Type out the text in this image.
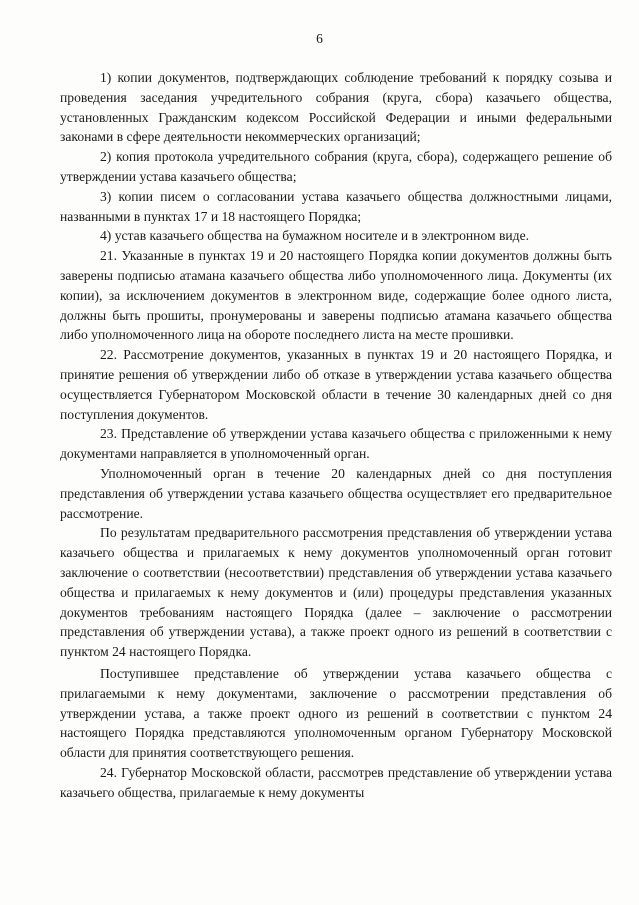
6

1) копии документов, подтверждающих соблюдение требований к порядку созыва и проведения заседания учредительного собрания (круга, сбора) казачьего общества, установленных Гражданским кодексом Российской Федерации и иными федеральными законами в сфере деятельности некоммерческих организаций;

2) копия протокола учредительного собрания (круга, сбора), содержащего решение об утверждении устава казачьего общества;

3) копии писем о согласовании устава казачьего общества должностными лицами, названными в пунктах 17 и 18 настоящего Порядка;

4) устав казачьего общества на бумажном носителе и в электронном виде.

21. Указанные в пунктах 19 и 20 настоящего Порядка копии документов должны быть заверены подписью атамана казачьего общества либо уполномоченного лица. Документы (их копии), за исключением документов в электронном виде, содержащие более одного листа, должны быть прошиты, пронумерованы и заверены подписью атамана казачьего общества либо уполномоченного лица на обороте последнего листа на месте прошивки.

22. Рассмотрение документов, указанных в пунктах 19 и 20 настоящего Порядка, и принятие решения об утверждении либо об отказе в утверждении устава казачьего общества осуществляется Губернатором Московской области в течение 30 календарных дней со дня поступления документов.

23. Представление об утверждении устава казачьего общества с приложенными к нему документами направляется в уполномоченный орган.

Уполномоченный орган в течение 20 календарных дней со дня поступления представления об утверждении устава казачьего общества осуществляет его предварительное рассмотрение.

По результатам предварительного рассмотрения представления об утверждении устава казачьего общества и прилагаемых к нему документов уполномоченный орган готовит заключение о соответствии (несоответствии) представления об утверждении устава казачьего общества и прилагаемых к нему документов и (или) процедуры представления указанных документов требованиям настоящего Порядка (далее – заключение о рассмотрении представления об утверждении устава), а также проект одного из решений в соответствии с пунктом 24 настоящего Порядка.

Поступившее представление об утверждении устава казачьего общества с прилагаемыми к нему документами, заключение о рассмотрении представления об утверждении устава, а также проект одного из решений в соответствии с пунктом 24 настоящего Порядка представляются уполномоченным органом Губернатору Московской области для принятия соответствующего решения.

24. Губернатор Московской области, рассмотрев представление об утверждении устава казачьего общества, прилагаемые к нему документы
